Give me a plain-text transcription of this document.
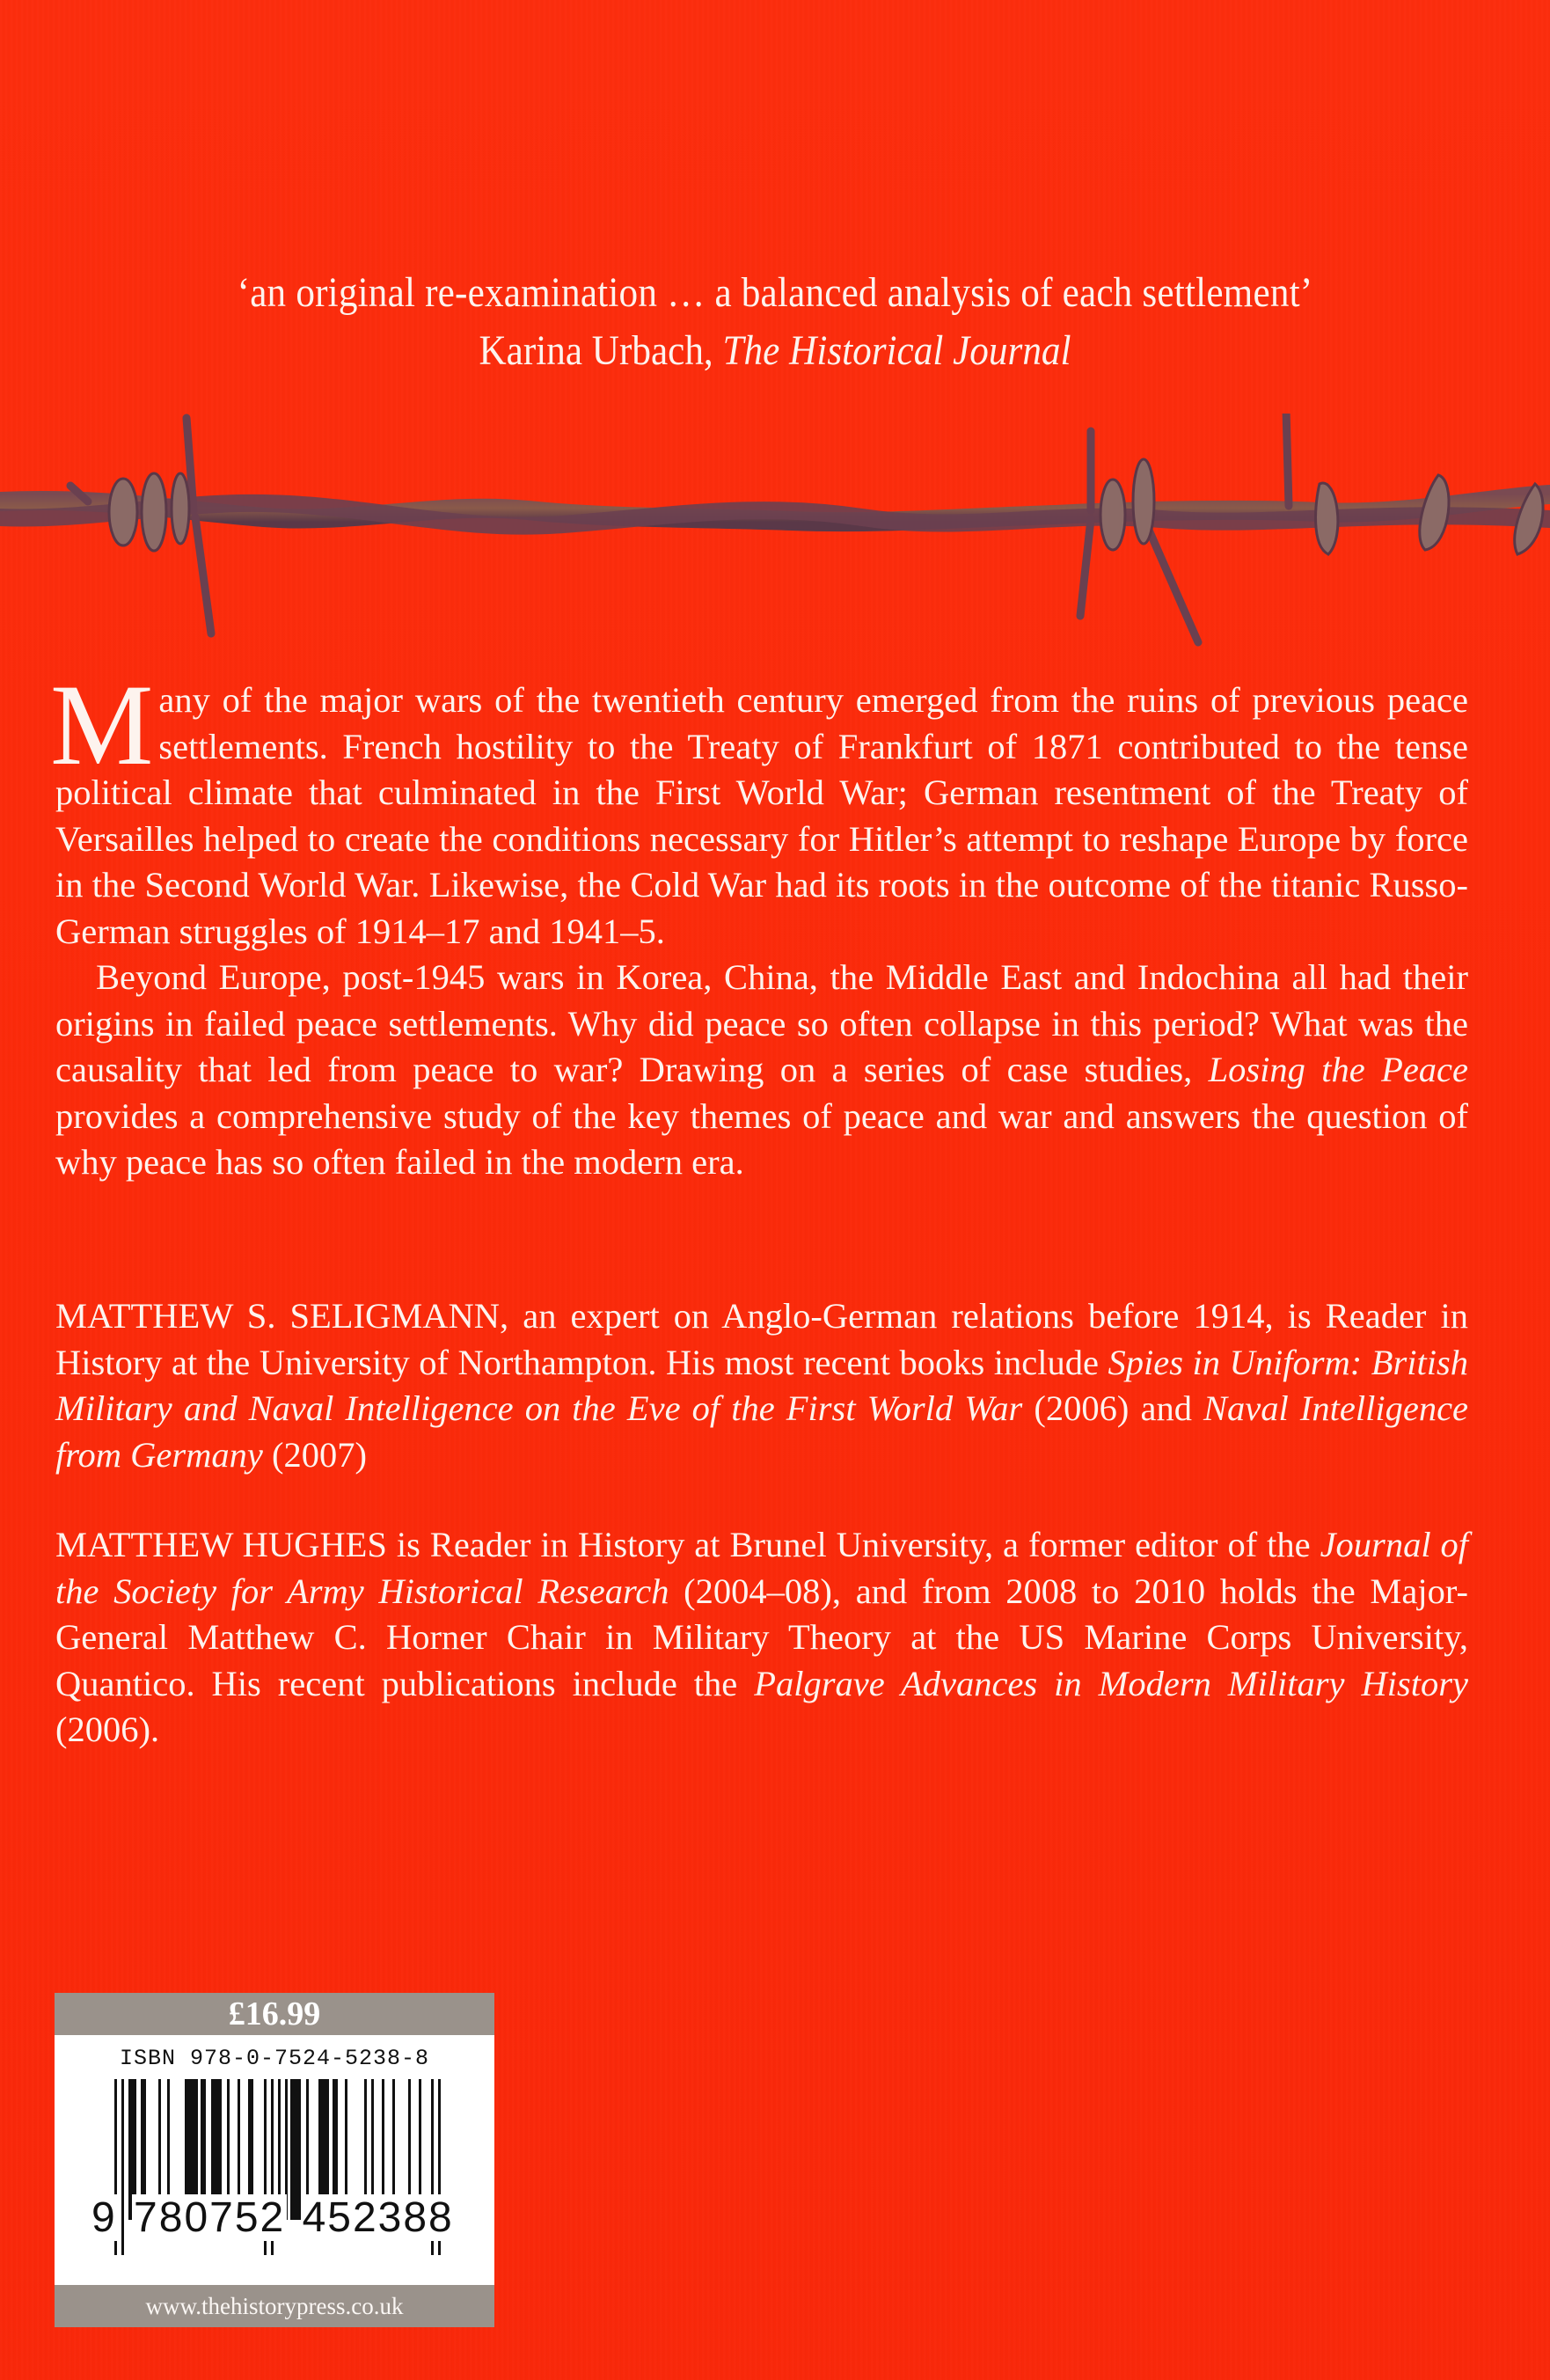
‘an original re-examination … a balanced analysis of each settlement’
Karina Urbach, The Historical Journal
M any of the major wars of the twentieth century emerged from the ruins of previous peace settlements. French hostility to the Treaty of Frankfurt of 1871 contributed to the tense political climate that culminated in the First World War; German resentment of the Treaty of Versailles helped to create the conditions necessary for Hitler’s attempt to reshape Europe by force in the Second World War. Likewise, the Cold War had its roots in the outcome of the titanic Russo-German struggles of 1914–17 and 1941–5.
Beyond Europe, post-1945 wars in Korea, China, the Middle East and Indochina all had their origins in failed peace settlements. Why did peace so often collapse in this period? What was the causality that led from peace to war? Drawing on a series of case studies, Losing the Peace provides a comprehensive study of the key themes of peace and war and answers the question of why peace has so often failed in the modern era.
MATTHEW S. SELIGMANN, an expert on Anglo-German relations before 1914, is Reader in History at the University of Northampton. His most recent books include Spies in Uniform: British Military and Naval Intelligence on the Eve of the First World War (2006) and Naval Intelligence from Germany (2007)
MATTHEW HUGHES is Reader in History at Brunel University, a former editor of the Journal of the Society for Army Historical Research (2004–08), and from 2008 to 2010 holds the Major-General Matthew C. Horner Chair in Military Theory at the US Marine Corps University, Quantico. His recent publications include the Palgrave Advances in Modern Military History (2006).
£16.99
ISBN 978-0-7524-5238-8
9 780752 452388
www.thehistorypress.co.uk
